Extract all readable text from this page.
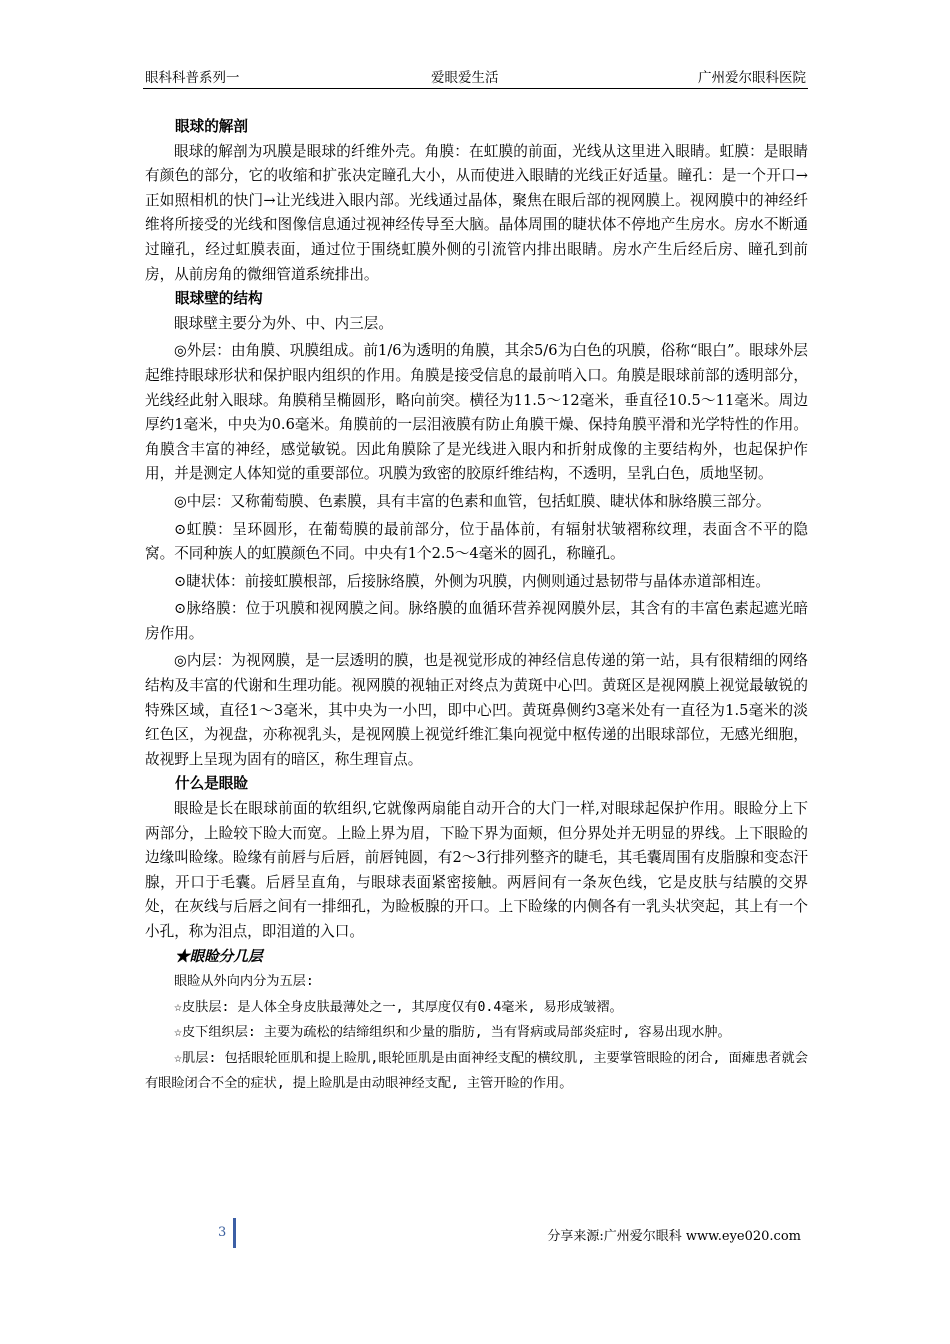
眼科科普系列一	爱眼爱生活	广州爱尔眼科医院

眼球的解剖

眼球的解剖为巩膜是眼球的纤维外壳。角膜：在虹膜的前面，光线从这里进入眼睛。虹膜：是眼睛有颜色的部分，它的收缩和扩张决定瞳孔大小，从而使进入眼睛的光线正好适量。瞳孔：是一个开口→正如照相机的快门→让光线进入眼内部。光线通过晶体，聚焦在眼后部的视网膜上。视网膜中的神经纤维将所接受的光线和图像信息通过视神经传导至大脑。晶体周围的睫状体不停地产生房水。房水不断通过瞳孔，经过虹膜表面，通过位于围绕虹膜外侧的引流管内排出眼睛。房水产生后经后房、瞳孔到前房，从前房角的微细管道系统排出。

眼球壁的结构

眼球壁主要分为外、中、内三层。

◎外层：由角膜、巩膜组成。前1/6为透明的角膜，其余5/6为白色的巩膜，俗称“眼白”。眼球外层起维持眼球形状和保护眼内组织的作用。角膜是接受信息的最前哨入口。角膜是眼球前部的透明部分，光线经此射入眼球。角膜稍呈椭圆形，略向前突。横径为11.5～12毫米，垂直径10.5～11毫米。周边厚约1毫米，中央为0.6毫米。角膜前的一层泪液膜有防止角膜干燥、保持角膜平滑和光学特性的作用。角膜含丰富的神经，感觉敏锐。因此角膜除了是光线进入眼内和折射成像的主要结构外，也起保护作用，并是测定人体知觉的重要部位。巩膜为致密的胶原纤维结构，不透明，呈乳白色，质地坚韧。

◎中层：又称葡萄膜、色素膜，具有丰富的色素和血管，包括虹膜、睫状体和脉络膜三部分。

⊙虹膜：呈环圆形，在葡萄膜的最前部分，位于晶体前，有辐射状皱褶称纹理，表面含不平的隐窝。不同种族人的虹膜颜色不同。中央有1个2.5～4毫米的圆孔，称瞳孔。

⊙睫状体：前接虹膜根部，后接脉络膜，外侧为巩膜，内侧则通过悬韧带与晶体赤道部相连。

⊙脉络膜：位于巩膜和视网膜之间。脉络膜的血循环营养视网膜外层，其含有的丰富色素起遮光暗房作用。

◎内层：为视网膜，是一层透明的膜，也是视觉形成的神经信息传递的第一站，具有很精细的网络结构及丰富的代谢和生理功能。视网膜的视轴正对终点为黄斑中心凹。黄斑区是视网膜上视觉最敏锐的特殊区域，直径1～3毫米，其中央为一小凹，即中心凹。黄斑鼻侧约3毫米处有一直径为1.5毫米的淡红色区，为视盘，亦称视乳头，是视网膜上视觉纤维汇集向视觉中枢传递的出眼球部位，无感光细胞，故视野上呈现为固有的暗区，称生理盲点。

什么是眼睑

眼睑是长在眼球前面的软组织,它就像两扇能自动开合的大门一样,对眼球起保护作用。眼睑分上下两部分，上睑较下睑大而宽。上睑上界为眉，下睑下界为面颊，但分界处并无明显的界线。上下眼睑的边缘叫睑缘。睑缘有前唇与后唇，前唇钝圆，有2～3行排列整齐的睫毛，其毛囊周围有皮脂腺和变态汗腺，开口于毛囊。后唇呈直角，与眼球表面紧密接触。两唇间有一条灰色线，它是皮肤与结膜的交界处，在灰线与后唇之间有一排细孔，为睑板腺的开口。上下睑缘的内侧各有一乳头状突起，其上有一个小孔，称为泪点，即泪道的入口。

★眼睑分几层

眼睑从外向内分为五层:

☆皮肤层: 是人体全身皮肤最薄处之一, 其厚度仅有0.4毫米, 易形成皱褶。

☆皮下组织层: 主要为疏松的结缔组织和少量的脂肪, 当有肾病或局部炎症时, 容易出现水肿。

☆肌层: 包括眼轮匝肌和提上睑肌,眼轮匝肌是由面神经支配的横纹肌, 主要掌管眼睑的闭合, 面瘫患者就会有眼睑闭合不全的症状, 提上睑肌是由动眼神经支配, 主管开睑的作用。

3	分享来源:广州爱尔眼科 www.eye020.com
